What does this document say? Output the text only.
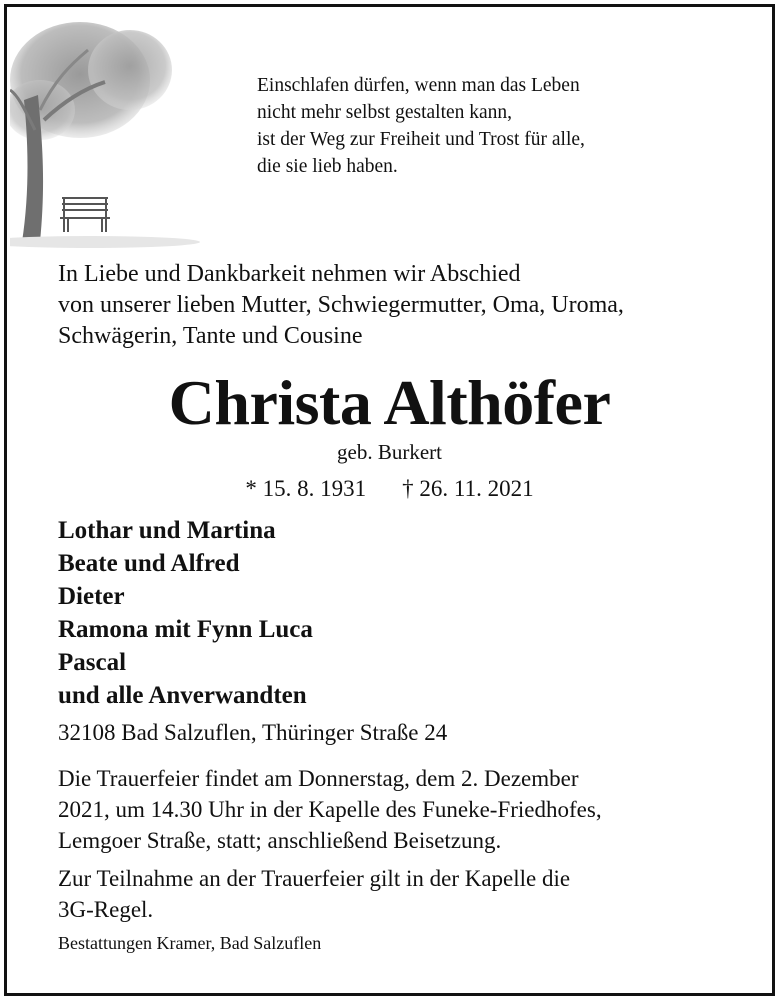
Einschlafen dürfen, wenn man das Leben
nicht mehr selbst gestalten kann,
ist der Weg zur Freiheit und Trost für alle,
die sie lieb haben.
In Liebe und Dankbarkeit nehmen wir Abschied
von unserer lieben Mutter, Schwiegermutter, Oma, Uroma,
Schwägerin, Tante und Cousine
Christa Althöfer
geb. Burkert
* 15. 8. 1931 † 26. 11. 2021
Lothar und Martina
Beate und Alfred
Dieter
Ramona mit Fynn Luca
Pascal
und alle Anverwandten
32108 Bad Salzuflen, Thüringer Straße 24
Die Trauerfeier findet am Donnerstag, dem 2. Dezember
2021, um 14.30 Uhr in der Kapelle des Funeke-Friedhofes,
Lemgoer Straße, statt; anschließend Beisetzung.
Zur Teilnahme an der Trauerfeier gilt in der Kapelle die
3G-Regel.
Bestattungen Kramer, Bad Salzuflen
